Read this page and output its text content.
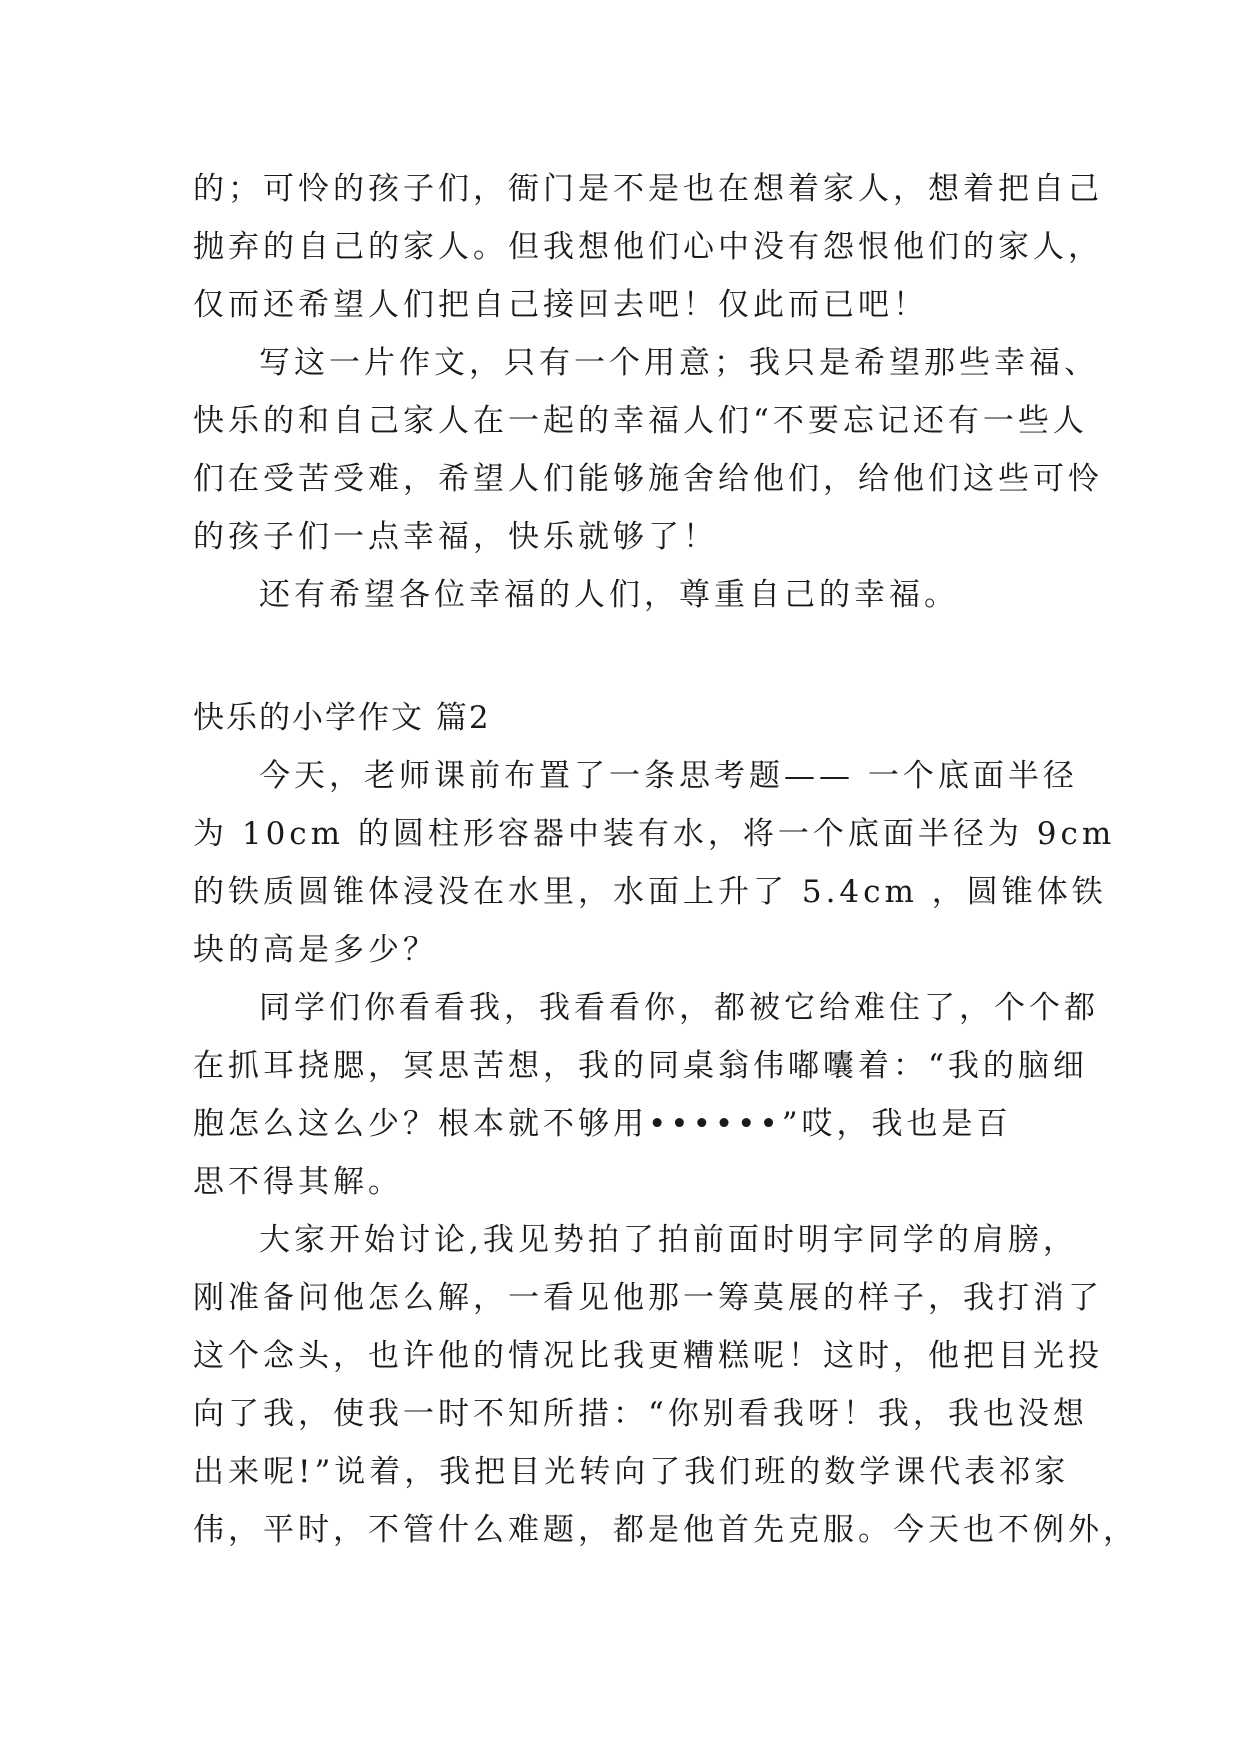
的；可怜的孩子们，衙门是不是也在想着家人，想着把自己
抛弃的自己的家人。但我想他们心中没有怨恨他们的家人，
仅而还希望人们把自己接回去吧！仅此而已吧！
写这一片作文，只有一个用意；我只是希望那些幸福、
快乐的和自己家人在一起的幸福人们“不要忘记还有一些人
们在受苦受难，希望人们能够施舍给他们，给他们这些可怜
的孩子们一点幸福，快乐就够了！
还有希望各位幸福的人们，尊重自己的幸福。
快乐的小学作文 篇2
今天，老师课前布置了一条思考题—— 一个底面半径
为 10cm 的圆柱形容器中装有水，将一个底面半径为 9cm
的铁质圆锥体浸没在水里，水面上升了 5.4cm ，圆锥体铁
块的高是多少？
同学们你看看我，我看看你，都被它给难住了，个个都
在抓耳挠腮，冥思苦想，我的同桌翁伟嘟囔着：“我的脑细
胞怎么这么少？根本就不够用••••••”哎，我也是百
思不得其解。
大家开始讨论,我见势拍了拍前面时明宇同学的肩膀，
刚准备问他怎么解，一看见他那一筹莫展的样子，我打消了
这个念头，也许他的情况比我更糟糕呢！这时，他把目光投
向了我，使我一时不知所措：“你别看我呀！我，我也没想
出来呢!”说着，我把目光转向了我们班的数学课代表祁家
伟，平时，不管什么难题，都是他首先克服。今天也不例外，
